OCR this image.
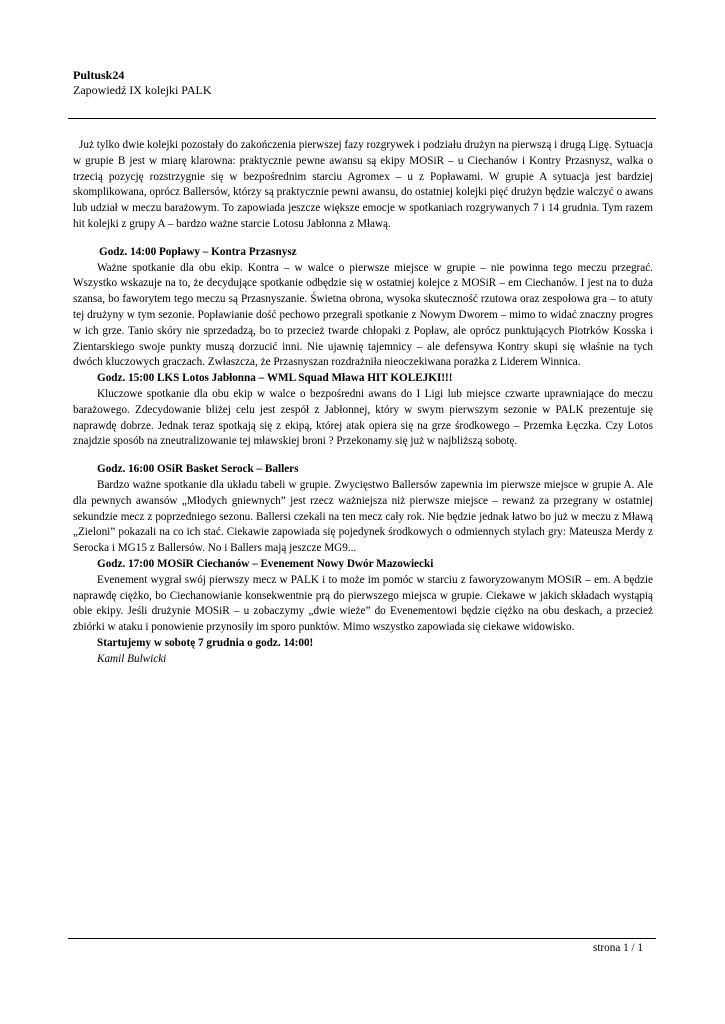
Pultusk24
Zapowiedź IX kolejki PALK

Już tylko dwie kolejki pozostały do zakończenia pierwszej fazy rozgrywek i podziału drużyn na pierwszą i drugą Ligę. Sytuacja w grupie B jest w miarę klarowna: praktycznie pewne awansu są ekipy MOSiR – u Ciechanów i Kontry Przasnysz, walka o trzecią pozycję rozstrzygnie się w bezpośrednim starciu Agromex – u z Popławami. W grupie A sytuacja jest bardziej skomplikowana, oprócz Ballersów, którzy są praktycznie pewni awansu, do ostatniej kolejki pięć drużyn będzie walczyć o awans lub udział w meczu barażowym. To zapowiada jeszcze większe emocje w spotkaniach rozgrywanych 7 i 14 grudnia. Tym razem hit kolejki z grupy A – bardzo ważne starcie Lotosu Jabłonna z Mławą.

Godz. 14:00 Popławy – Kontra Przasnysz

Ważne spotkanie dla obu ekip. Kontra – w walce o pierwsze miejsce w grupie – nie powinna tego meczu przegrać. Wszystko wskazuje na to, że decydujące spotkanie odbędzie się w ostatniej kolejce z MOSiR – em Ciechanów. I jest na to duża szansa, bo faworytem tego meczu są Przasnyszanie. Świetna obrona, wysoka skuteczność rzutowa oraz zespołowa gra – to atuty tej drużyny w tym sezonie. Popławianie dość pechowo przegrali spotkanie z Nowym Dworem – mimo to widać znaczny progres w ich grze. Tanio skóry nie sprzedadzą, bo to przecież twarde chłopaki z Popław, ale oprócz punktujących Piotrków Kosska i Zientarskiego swoje punkty muszą dorzucić inni. Nie ujawnię tajemnicy – ale defensywa Kontry skupi się właśnie na tych dwóch kluczowych graczach. Zwłaszcza, że Przasnyszan rozdrażniła nieoczekiwana porażka z Liderem Winnica.

Godz. 15:00 LKS Lotos Jabłonna – WML Squad Mława HIT KOLEJKI!!!

Kluczowe spotkanie dla obu ekip w walce o bezpośredni awans do I Ligi lub miejsce czwarte uprawniające do meczu barażowego. Zdecydowanie bliżej celu jest zespół z Jabłonnej, który w swym pierwszym sezonie w PALK prezentuje się naprawdę dobrze. Jednak teraz spotkają się z ekipą, której atak opiera się na grze środkowego – Przemka Łęczka. Czy Lotos znajdzie sposób na zneutralizowanie tej mławskiej broni ? Przekonamy się już w najbliższą sobotę.

Godz. 16:00 OSiR Basket Serock – Ballers

Bardzo ważne spotkanie dla układu tabeli w grupie. Zwycięstwo Ballersów zapewnia im pierwsze miejsce w grupie A. Ale dla pewnych awansów „Młodych gniewnych” jest rzecz ważniejsza niż pierwsze miejsce – rewanż za przegrany w ostatniej sekundzie mecz z poprzedniego sezonu. Ballersi czekali na ten mecz cały rok. Nie będzie jednak łatwo bo już w meczu z Mławą „Zieloni” pokazali na co ich stać. Ciekawie zapowiada się pojedynek środkowych o odmiennych stylach gry: Mateusza Merdy z Serocka i MG15 z Ballersów. No i Ballers mają jeszcze MG9...

Godz. 17:00 MOSiR Ciechanów – Evenement Nowy Dwór Mazowiecki

Evenement wygrał swój pierwszy mecz w PALK i to może im pomóc w starciu z faworyzowanym MOSiR – em. A będzie naprawdę ciężko, bo Ciechanowianie konsekwentnie prą do pierwszego miejsca w grupie. Ciekawe w jakich składach wystąpią obie ekipy. Jeśli drużynie MOSiR – u zobaczymy „dwie wieże” do Evenementowi będzie ciężko na obu deskach, a przecież zbiórki w ataku i ponowienie przynosiły im sporo punktów. Mimo wszystko zapowiada się ciekawe widowisko.

Startujemy w sobotę 7 grudnia o godz. 14:00!

Kamil Bulwicki

strona 1 / 1
